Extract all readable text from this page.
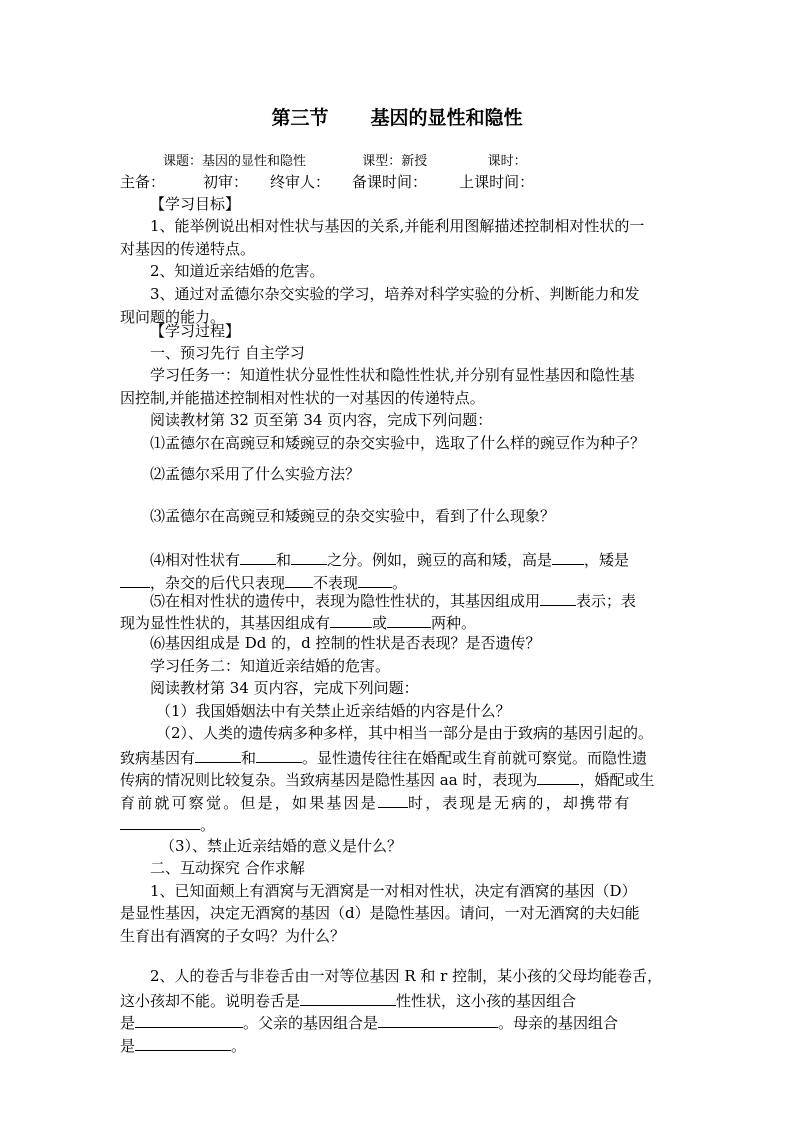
第三节 基因的显性和隐性
课题：基因的显性和隐性	课型：新授	课时：
主备：	初审： 终审人： 备课时间： 上课时间：
【学习目标】
1、能举例说出相对性状与基因的关系,并能利用图解描述控制相对性状的一
对基因的传递特点。
2、知道近亲结婚的危害。
3、通过对孟德尔杂交实验的学习，培养对科学实验的分析、判断能力和发
现问题的能力。
【学习过程】
一、预习先行 自主学习
学习任务一：知道性状分显性性状和隐性性状,并分别有显性基因和隐性基
因控制,并能描述控制相对性状的一对基因的传递特点。
阅读教材第 32 页至第 34 页内容，完成下列问题：
⑴孟德尔在高豌豆和矮豌豆的杂交实验中，选取了什么样的豌豆作为种子？
⑵孟德尔采用了什么实验方法？
⑶孟德尔在高豌豆和矮豌豆的杂交实验中，看到了什么现象？
⑷相对性状有 和 之分。例如，豌豆的高和矮，高是 ，矮是
，杂交的后代只表现 不表现 。
⑸在相对性状的遗传中，表现为隐性性状的，其基因组成用 表示；表
现为显性性状的，其基因组成有	或	两种。
⑹基因组成是 Dd 的，d 控制的性状是否表现？是否遗传？
学习任务二：知道近亲结婚的危害。
阅读教材第 34 页内容，完成下列问题：
（1）我国婚姻法中有关禁止近亲结婚的内容是什么？
（2）、人类的遗传病多种多样，其中相当一部分是由于致病的基因引起的。
致病基因有	和	。显性遗传往往在婚配或生育前就可察觉。而隐性遗
传病的情况则比较复杂。当致病基因是隐性基因 aa 时，表现为	，婚配或生
育前就可察觉。但是，如果基因是 时，表现是无病的，却携带有
。
（3）、禁止近亲结婚的意义是什么？
二、互动探究 合作求解
1、已知面颊上有酒窝与无酒窝是一对相对性状，决定有酒窝的基因（D）
是显性基因，决定无酒窝的基因（d）是隐性基因。请问，一对无酒窝的夫妇能
生育出有酒窝的子女吗？为什么？
2、人的卷舌与非卷舌由一对等位基因 R 和 r 控制，某小孩的父母均能卷舌，
这小孩却不能。说明卷舌是	性性状，这小孩的基因组合
是	。父亲的基因组合是	。母亲的基因组合
是	。
